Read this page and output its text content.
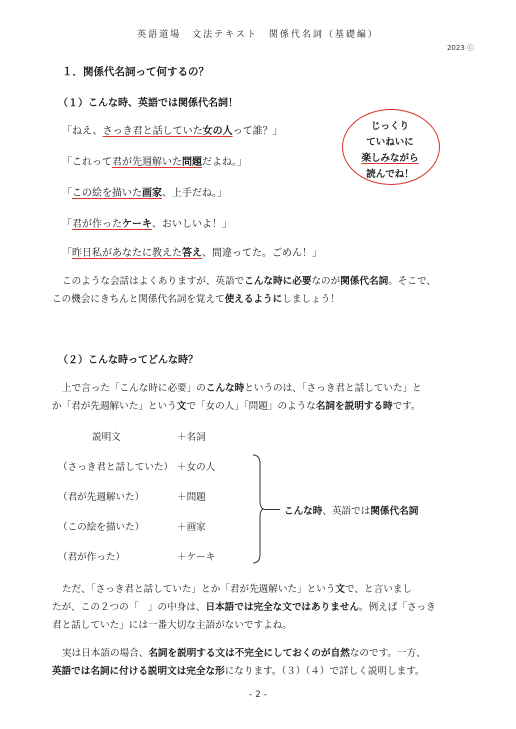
英語道場　文法テキスト　関係代名詞（基礎編）
2023 ⓒ
１．関係代名詞って何するの？
（１）こんな時、英語では関係代名詞！
「ねえ、さっき君と話していた女の人って誰？」
「これって君が先週解いた問題だよね。」
「この絵を描いた画家、上手だね。」
「君が作ったケーキ、おいしいよ！」
「昨日私があなたに教えた答え、間違ってた。ごめん！」
じっくり
ていねいに
楽しみながら
読んでね！
このような会話はよくありますが、英語でこんな時に必要なのが関係代名詞。そこで、
この機会にきちんと関係代名詞を覚えて使えるようにしましょう！
（２）こんな時ってどんな時？
上で言った「こんな時に必要」のこんな時というのは、「さっき君と話していた」と
か「君が先週解いた」という文で「女の人」「問題」のような名詞を説明する時です。
説明文	＋名詞
（さっき君と話していた） ＋女の人
（君が先週解いた）	＋問題
（この絵を描いた）	＋画家
（君が作った）	＋ケーキ
こんな時、英語では関係代名詞
ただ、「さっき君と話していた」とか「君が先週解いた」という文で、と言いまし
たが、この２つの「　」の中身は、日本語では完全な文ではありません。例えば「さっき
君と話していた」には一番大切な主語がないですよね。
実は日本語の場合、名詞を説明する文は不完全にしておくのが自然なのです。一方、
英語では名詞に付ける説明文は完全な形になります。（３）（４）で詳しく説明します。
- 2 -
